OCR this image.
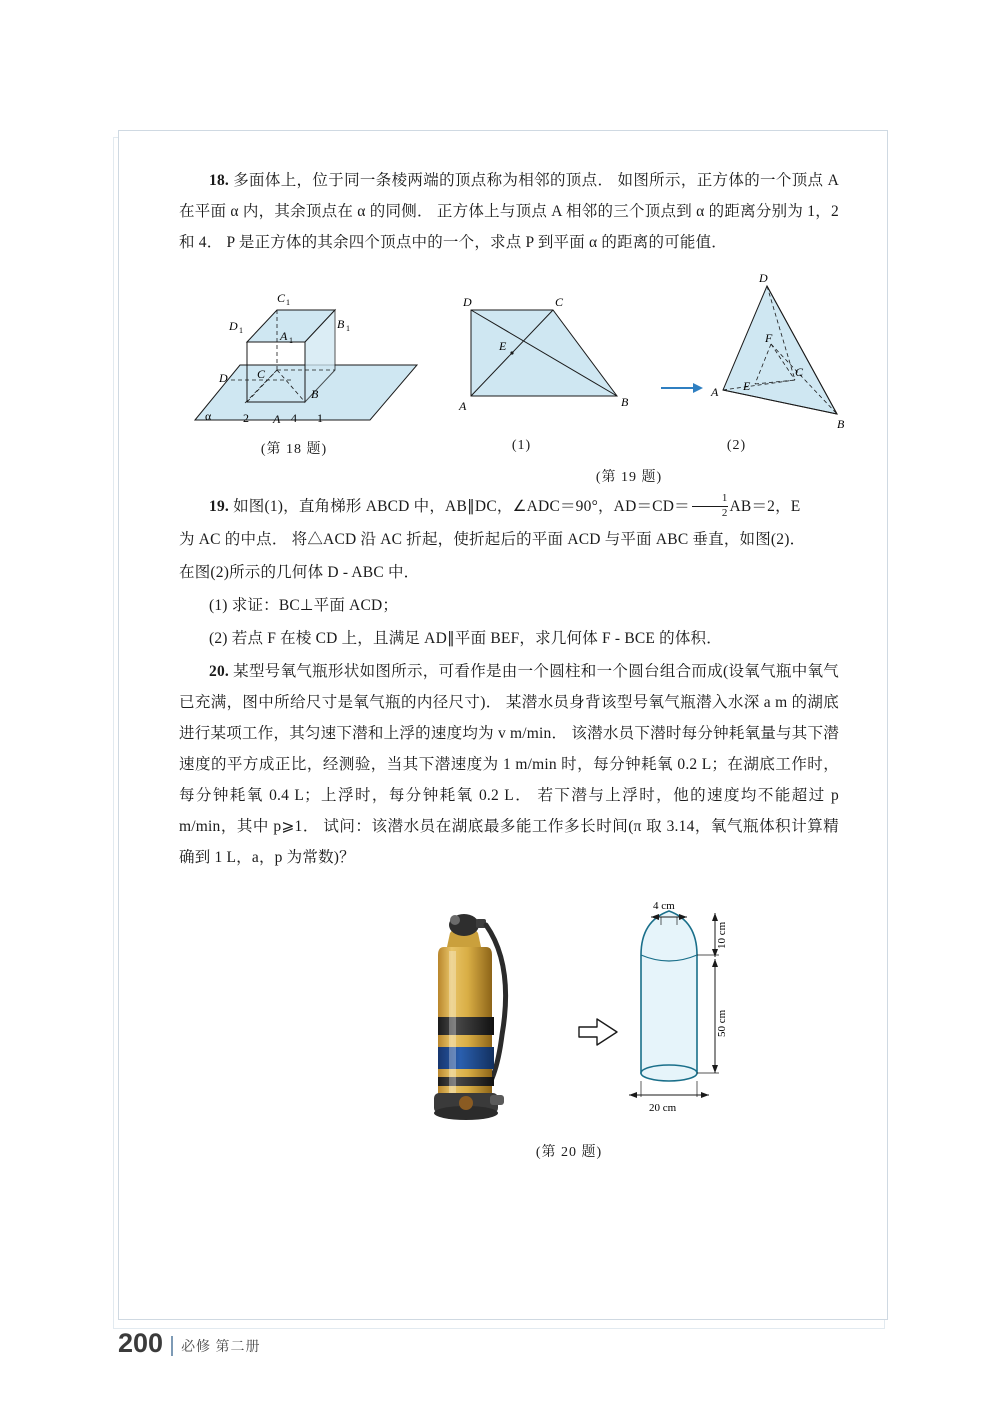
18. 多面体上，位于同一条棱两端的顶点称为相邻的顶点． 如图所示，正方体的一个顶点 A 在平面 α 内，其余顶点在 α 的同侧． 正方体上与顶点 A 相邻的三个顶点到 α 的距离分别为 1，2 和 4． P 是正方体的其余四个顶点中的一个，求点 P 到平面 α 的距离的可能值．

C 1
D 1	A 1
B 1
D C
B
A
α	2	4 1
D	C
E
A	B
D
F
E
C
A
B
(第 18 题)	(1)	(2)
(第 19 题)

19. 如图(1)，直角梯形 ABCD 中，AB∥DC，∠ADC＝90°，$AD=CD= \frac{1}{2} AB=2$，E

为 AC 的中点． 将△ACD 沿 AC 折起，使折起后的平面 ACD 与平面 ABC 垂直，如图(2)．

在图(2)所示的几何体 D - ABC 中．

(1) 求证：BC⊥平面 ACD；

(2) 若点 F 在棱 CD 上，且满足 AD∥平面 BEF，求几何体 F - BCE 的体积．

20. 某型号氧气瓶形状如图所示，可看作是由一个圆柱和一个圆台组合而成(设氧气瓶中氧气已充满，图中所给尺寸是氧气瓶的内径尺寸)． 某潜水员身背该型号氧气瓶潜入水深 a m 的湖底进行某项工作，其匀速下潜和上浮的速度均为 v m/min． 该潜水员下潜时每分钟耗氧量与其下潜速度的平方成正比，经测验，当其下潜速度为 1 m/min 时，每分钟耗氧 0.2 L；在湖底工作时，每分钟耗氧 0.4 L；上浮时，每分钟耗氧 0.2 L． 若下潜与上浮时，他的速度均不能超过 p m/min，其中 p⩾1． 试问：该潜水员在湖底最多能工作多长时间(π 取 3.14，氧气瓶体积计算精确到 1 L，a，p 为常数)？

4 cm
10 cm
50 cm
20 cm
(第 20 题)
200 必修 第二册
